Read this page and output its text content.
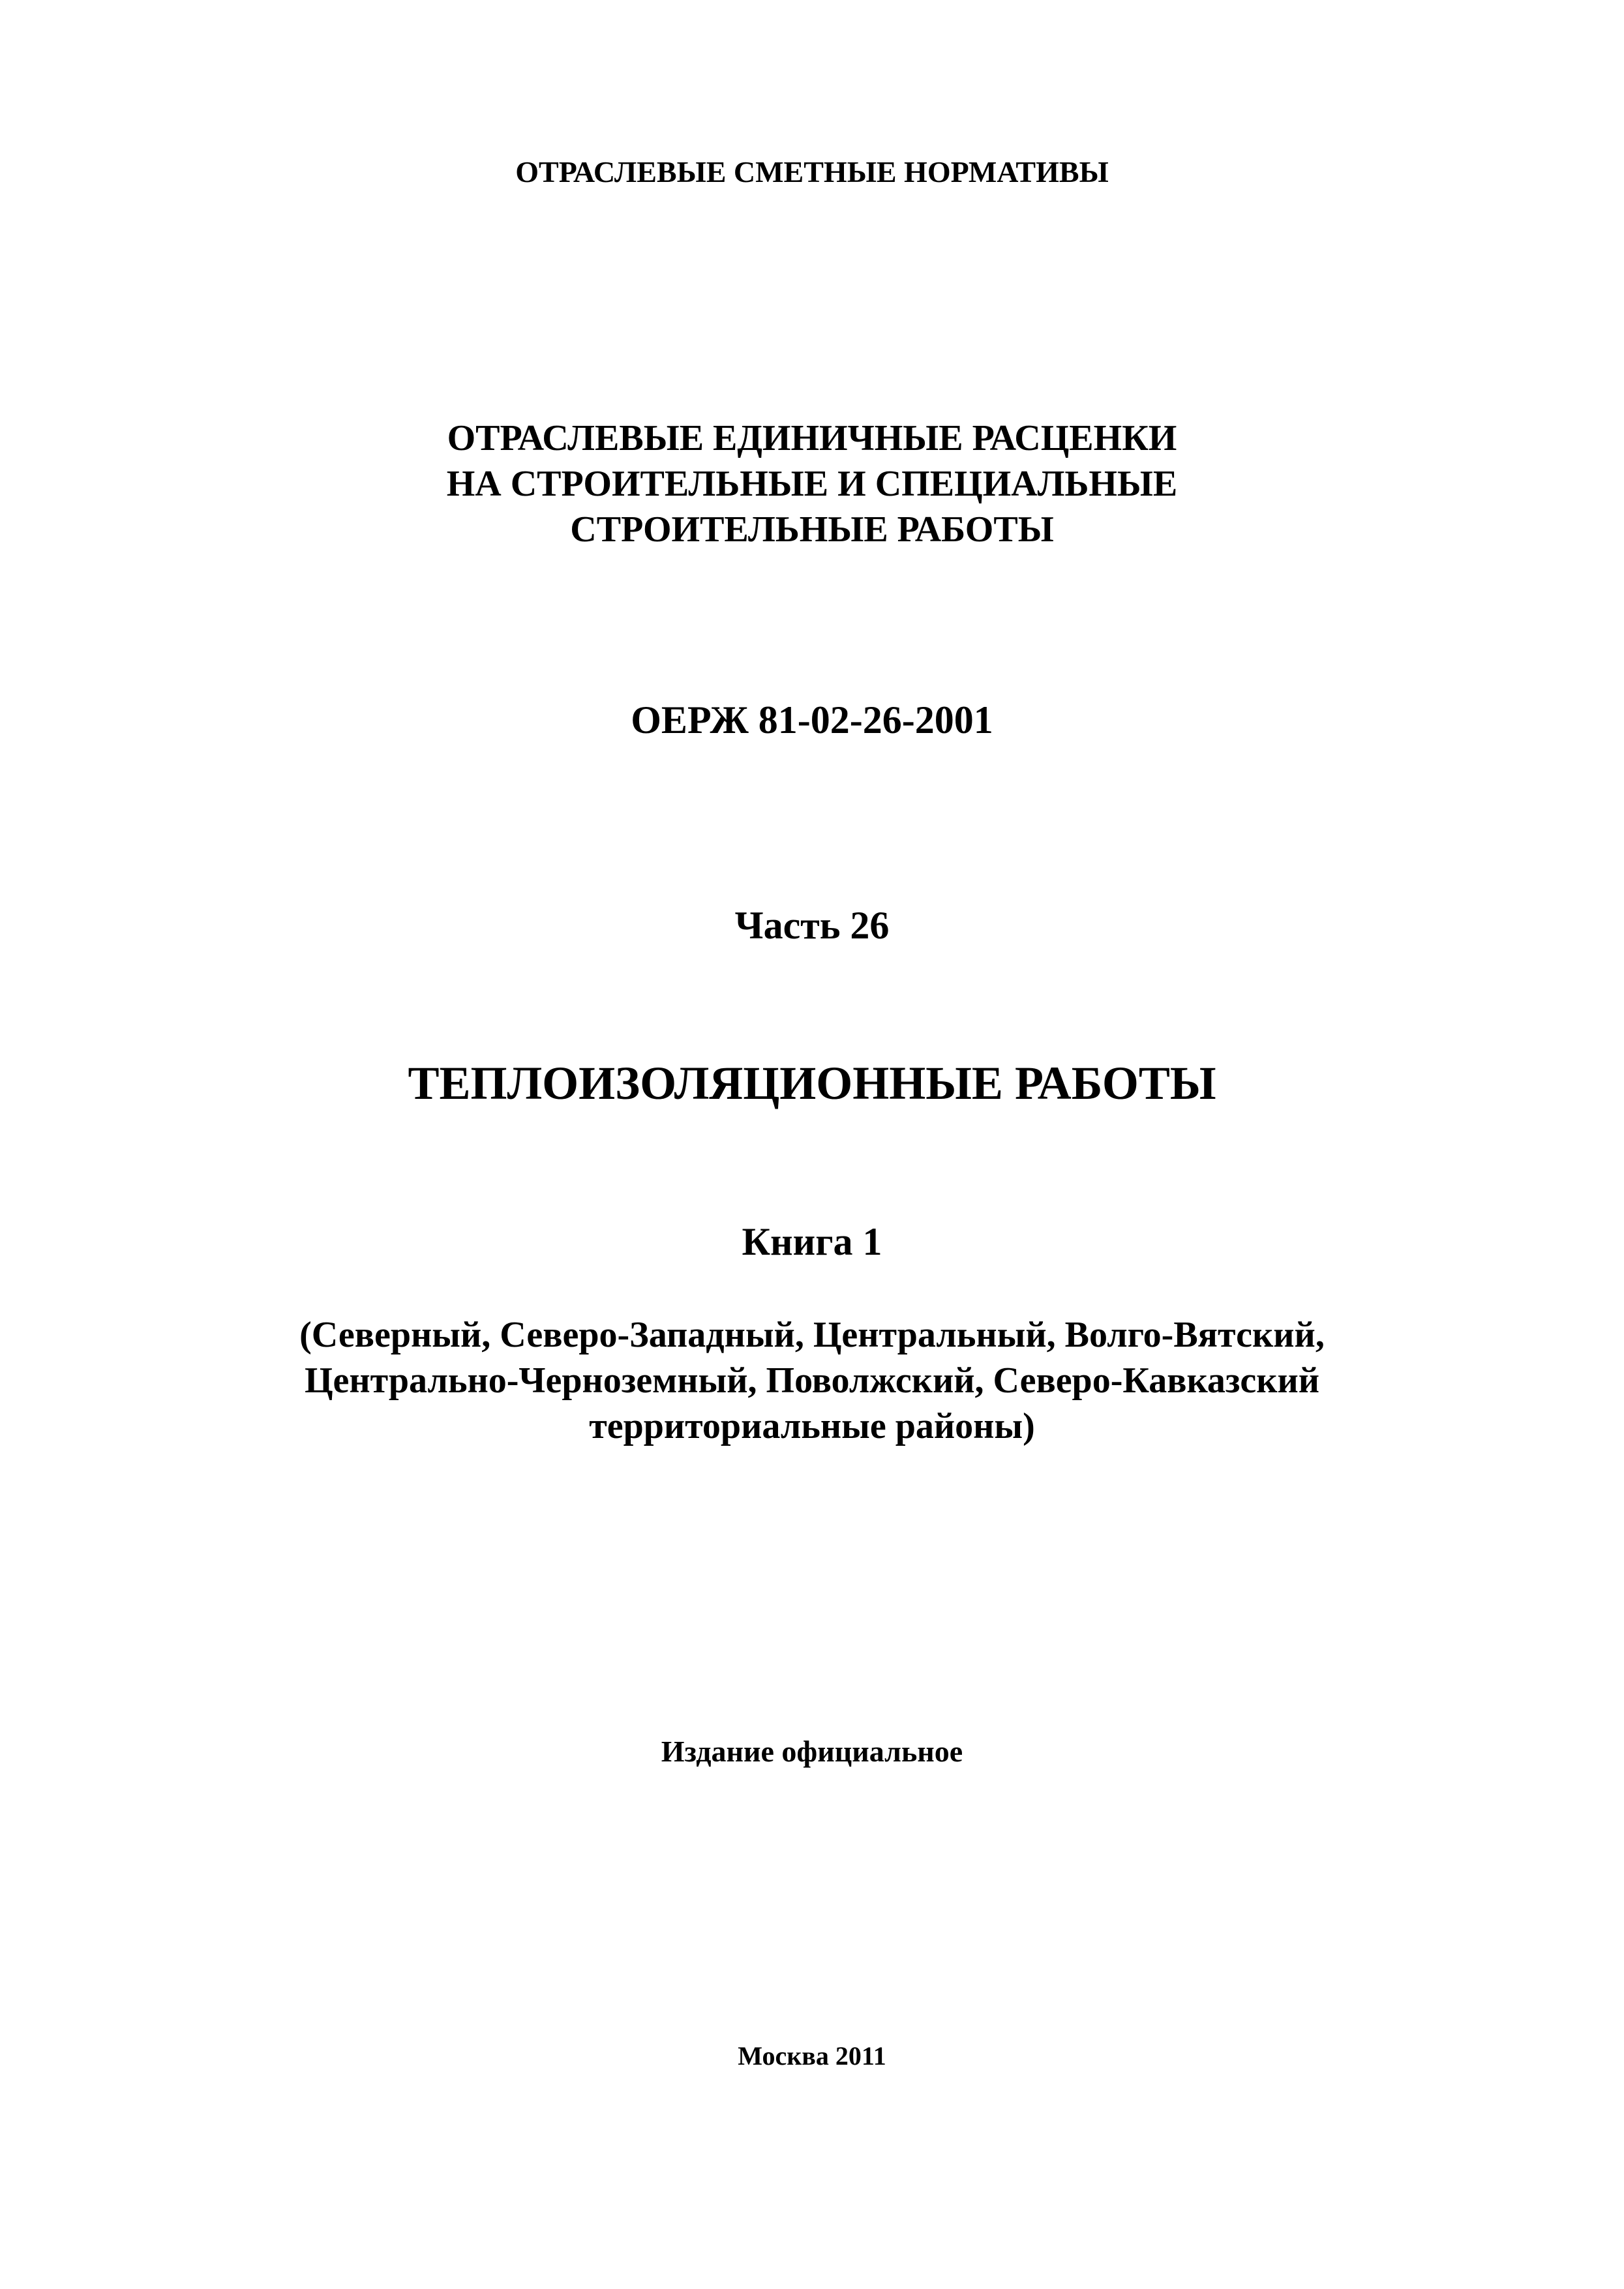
ОТРАСЛЕВЫЕ СМЕТНЫЕ НОРМАТИВЫ
ОТРАСЛЕВЫЕ ЕДИНИЧНЫЕ РАСЦЕНКИ
НА СТРОИТЕЛЬНЫЕ И СПЕЦИАЛЬНЫЕ
СТРОИТЕЛЬНЫЕ РАБОТЫ
ОЕРЖ 81-02-26-2001
Часть 26
ТЕПЛОИЗОЛЯЦИОННЫЕ РАБОТЫ
Книга 1
(Северный, Северо-Западный, Центральный, Волго-Вятский,
Центрально-Черноземный, Поволжский, Северо-Кавказский
территориальные районы)
Издание официальное
Москва 2011
